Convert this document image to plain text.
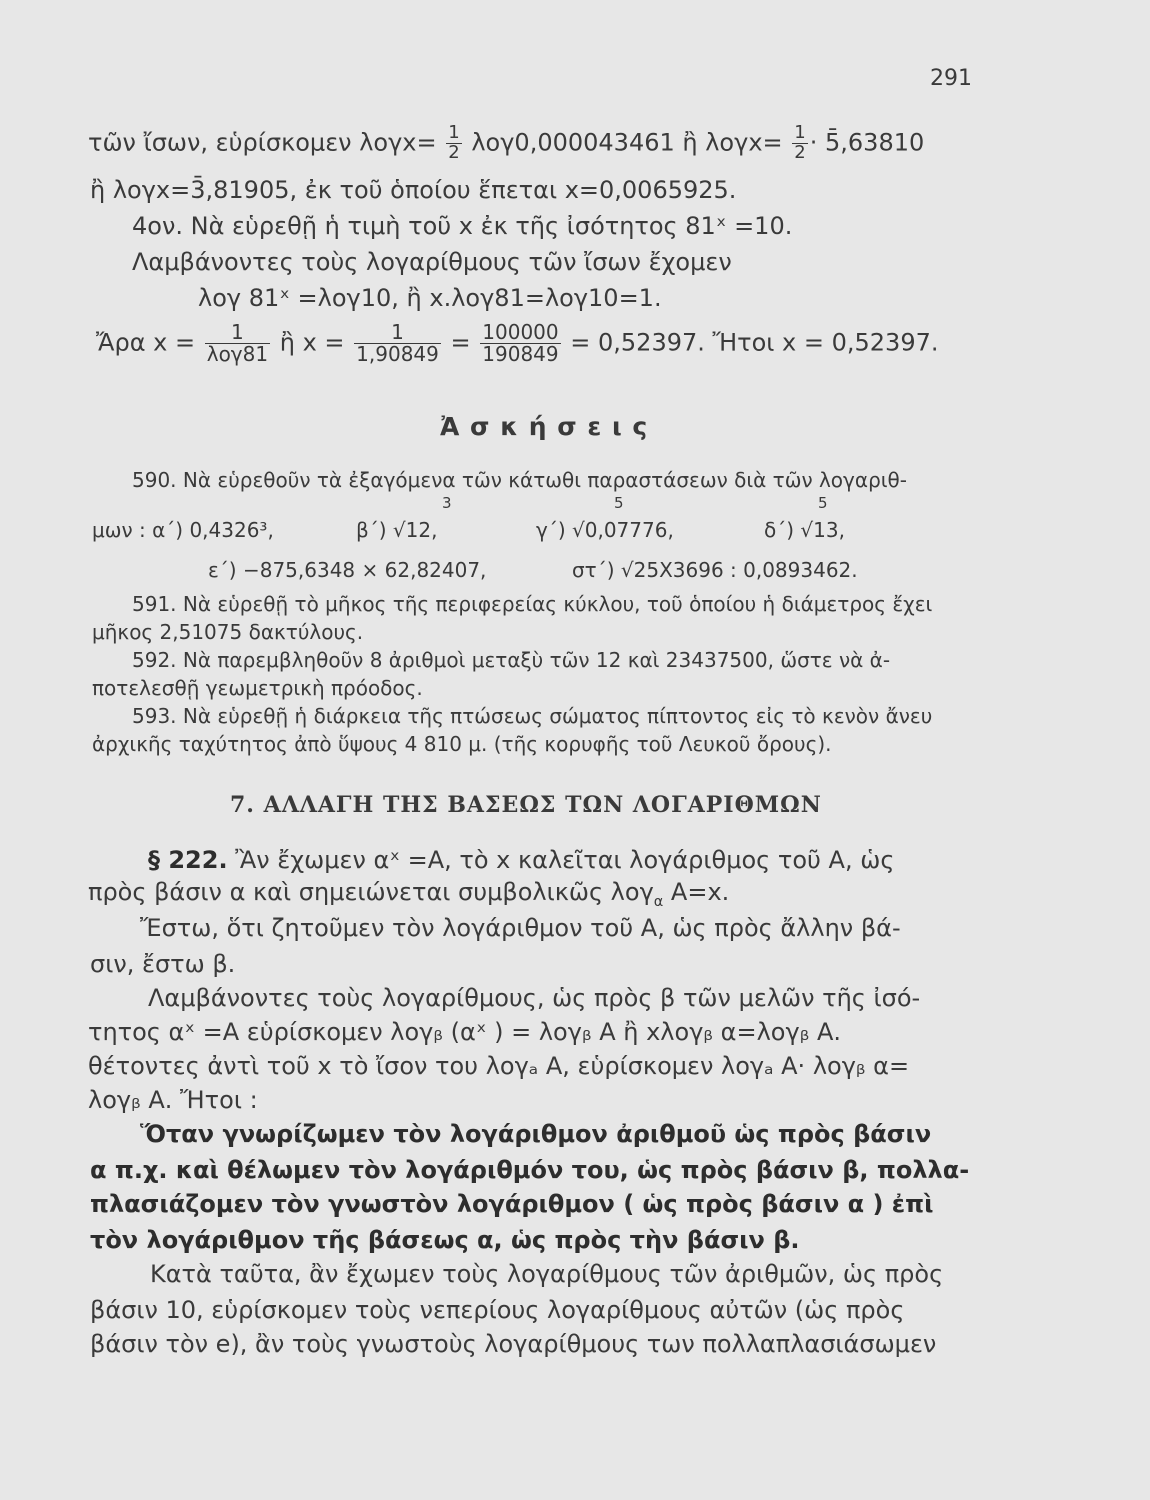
291
τῶν ἴσων, εὑρίσκομεν $\lambda o\gamma x= \frac{1}{2} \lambda o\gamma 0,000043461$ ἢ $\lambda o\gamma x= \frac{1}{2}$ · 5̄,63810
ἢ λογx=3̄,81905, ἐκ τοῦ ὁποίου ἕπεται x=0,0065925.
4ον. Νὰ εὑρεθῇ ἡ τιμὴ τοῦ x ἐκ τῆς ἰσότητος 81ˣ =10.
Λαμβάνοντες τοὺς λογαρίθμους τῶν ἴσων ἔχομεν
λογ 81ˣ =λογ10, ἢ x.λογ81=λογ10=1.
Ἄρα $x = \frac{1}{\text{λογ81}}$ ἢ $x = \frac{1}{1,90849} = \frac{100000}{190849} = 0,52397$. Ἤτοι x = 0,52397.
Ἀ σ κ ή σ ε ι ς
590. Νὰ εὑρεθοῦν τὰ ἐξαγόμενα τῶν κάτωθι παραστάσεων διὰ τῶν λογαριθ-
3	5	5
μων : α΄) 0,4326³,	β΄) √12,	γ΄) √0,07776,	δ΄) √13,
ε΄) −875,6348 × 62,82407,	στ΄) √25X3696 : 0,0893462.
591. Νὰ εὑρεθῇ τὸ μῆκος τῆς περιφερείας κύκλου, τοῦ ὁποίου ἡ διάμετρος ἔχει
μῆκος 2,51075 δακτύλους.
592. Νὰ παρεμβληθοῦν 8 ἀριθμοὶ μεταξὺ τῶν 12 καὶ 23437500, ὥστε νὰ ἀ-
ποτελεσθῇ γεωμετρικὴ πρόοδος.
593. Νὰ εὑρεθῇ ἡ διάρκεια τῆς πτώσεως σώματος πίπτοντος εἰς τὸ κενὸν ἄνευ
ἀρχικῆς ταχύτητος ἀπὸ ὕψους 4 810 μ. (τῆς κορυφῆς τοῦ Λευκοῦ ὄρους).
7. ΑΛΛΑΓΗ ΤΗΣ ΒΑΣΕΩΣ ΤΩΝ ΛΟΓΑΡΙΘΜΩΝ
§ 222. Ἂν ἔχωμεν αˣ =Α, τὸ x καλεῖται λογάριθμος τοῦ Α, ὡς
πρὸς βάσιν α καὶ σημειώνεται συμβολικῶς λογ$_\alpha$ Α=x.
Ἔστω, ὅτι ζητοῦμεν τὸν λογάριθμον τοῦ Α, ὡς πρὸς ἄλλην βά-
σιν, ἔστω β.
Λαμβάνοντες τοὺς λογαρίθμους, ὡς πρὸς β τῶν μελῶν τῆς ἰσό-
τητος αˣ =Α εὑρίσκομεν λογᵦ (αˣ ) = λογᵦ Α ἢ xλογᵦ α=λογᵦ Α.
θέτοντες ἀντὶ τοῦ x τὸ ἴσον του λογₐ Α, εὑρίσκομεν λογₐ Α· λογᵦ α=
λογᵦ Α. Ἤτοι :
Ὅταν γνωρίζωμεν τὸν λογάριθμον ἀριθμοῦ ὡς πρὸς βάσιν
α π.χ. καὶ θέλωμεν τὸν λογάριθμόν του, ὡς πρὸς βάσιν β, πολλα-
πλασιάζομεν τὸν γνωστὸν λογάριθμον ( ὡς πρὸς βάσιν α ) ἐπὶ
τὸν λογάριθμον τῆς βάσεως α, ὡς πρὸς τὴν βάσιν β.
Κατὰ ταῦτα, ἂν ἔχωμεν τοὺς λογαρίθμους τῶν ἀριθμῶν, ὡς πρὸς
βάσιν 10, εὑρίσκομεν τοὺς νεπερίους λογαρίθμους αὐτῶν (ὡς πρὸς
βάσιν τὸν e), ἂν τοὺς γνωστοὺς λογαρίθμους των πολλαπλασιάσωμεν
